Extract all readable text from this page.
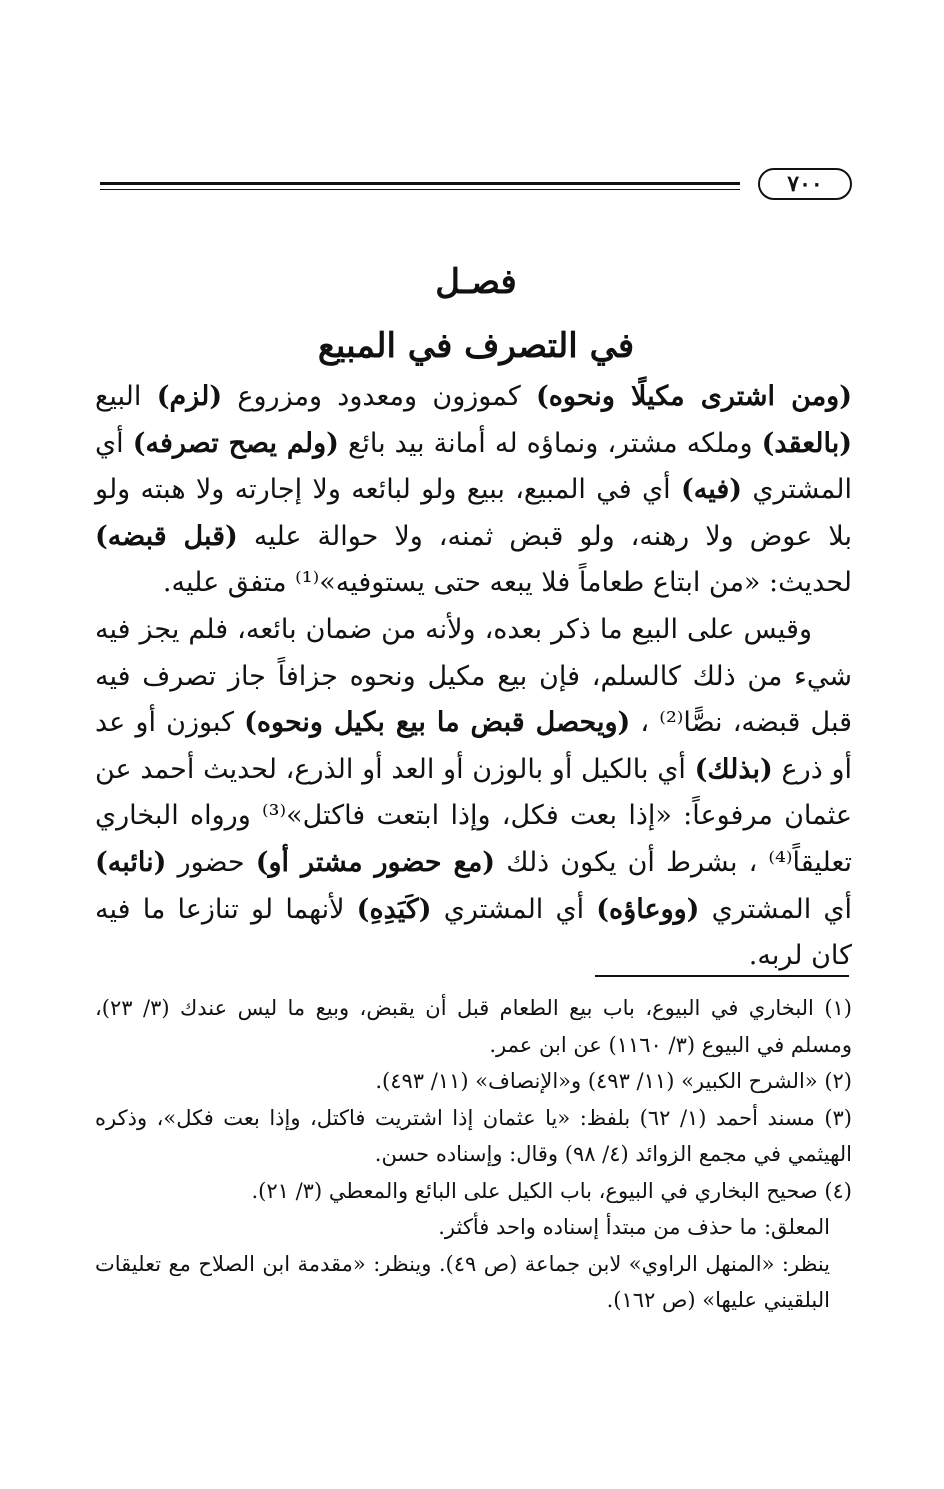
٧٠٠
فصـل
في التصرف في المبيع

(ومن اشترى مكيلًا ونحوه) كموزون ومعدود ومزروع (لزم) البيع (بالعقد) وملكه مشتر، ونماؤه له أمانة بيد بائع (ولم يصح تصرفه) أي المشتري (فيه) أي في المبيع، ببيع ولو لبائعه ولا إجارته ولا هبته ولو بلا عوض ولا رهنه، ولو قبض ثمنه، ولا حوالة عليه (قبل قبضه) لحديث: «من ابتاع طعاماً فلا يبعه حتى يستوفيه»⁽¹⁾ متفق عليه.

وقيس على البيع ما ذكر بعده، ولأنه من ضمان بائعه، فلم يجز فيه شيء من ذلك كالسلم، فإن بيع مكيل ونحوه جزافاً جاز تصرف فيه قبل قبضه، نصًّا⁽²⁾ ، (ويحصل قبض ما بيع بكيل ونحوه) كبوزن أو عد أو ذرع (بذلك) أي بالكيل أو بالوزن أو العد أو الذرع، لحديث أحمد عن عثمان مرفوعاً: «إذا بعت فكل، وإذا ابتعت فاكتل»⁽³⁾ ورواه البخاري تعليقاً⁽⁴⁾ ، بشرط أن يكون ذلك (مع حضور مشتر أو) حضور (نائبه) أي المشتري (ووعاؤه) أي المشتري (كَيَدِهِ) لأنهما لو تنازعا ما فيه كان لربه.

(١) البخاري في البيوع، باب بيع الطعام قبل أن يقبض، وبيع ما ليس عندك (٣/ ٢٣)، ومسلم في البيوع (٣/ ١١٦٠) عن ابن عمر.

(٢) «الشرح الكبير» (١١/ ٤٩٣) و«الإنصاف» (١١/ ٤٩٣).

(٣) مسند أحمد (١/ ٦٢) بلفظ: «يا عثمان إذا اشتريت فاكتل، وإذا بعت فكل»، وذكره الهيثمي في مجمع الزوائد (٤/ ٩٨) وقال: وإسناده حسن.

(٤) صحيح البخاري في البيوع، باب الكيل على البائع والمعطي (٣/ ٢١).

المعلق: ما حذف من مبتدأ إسناده واحد فأكثر.

ينظر: «المنهل الراوي» لابن جماعة (ص ٤٩). وينظر: «مقدمة ابن الصلاح مع تعليقات البلقيني عليها» (ص ١٦٢).
